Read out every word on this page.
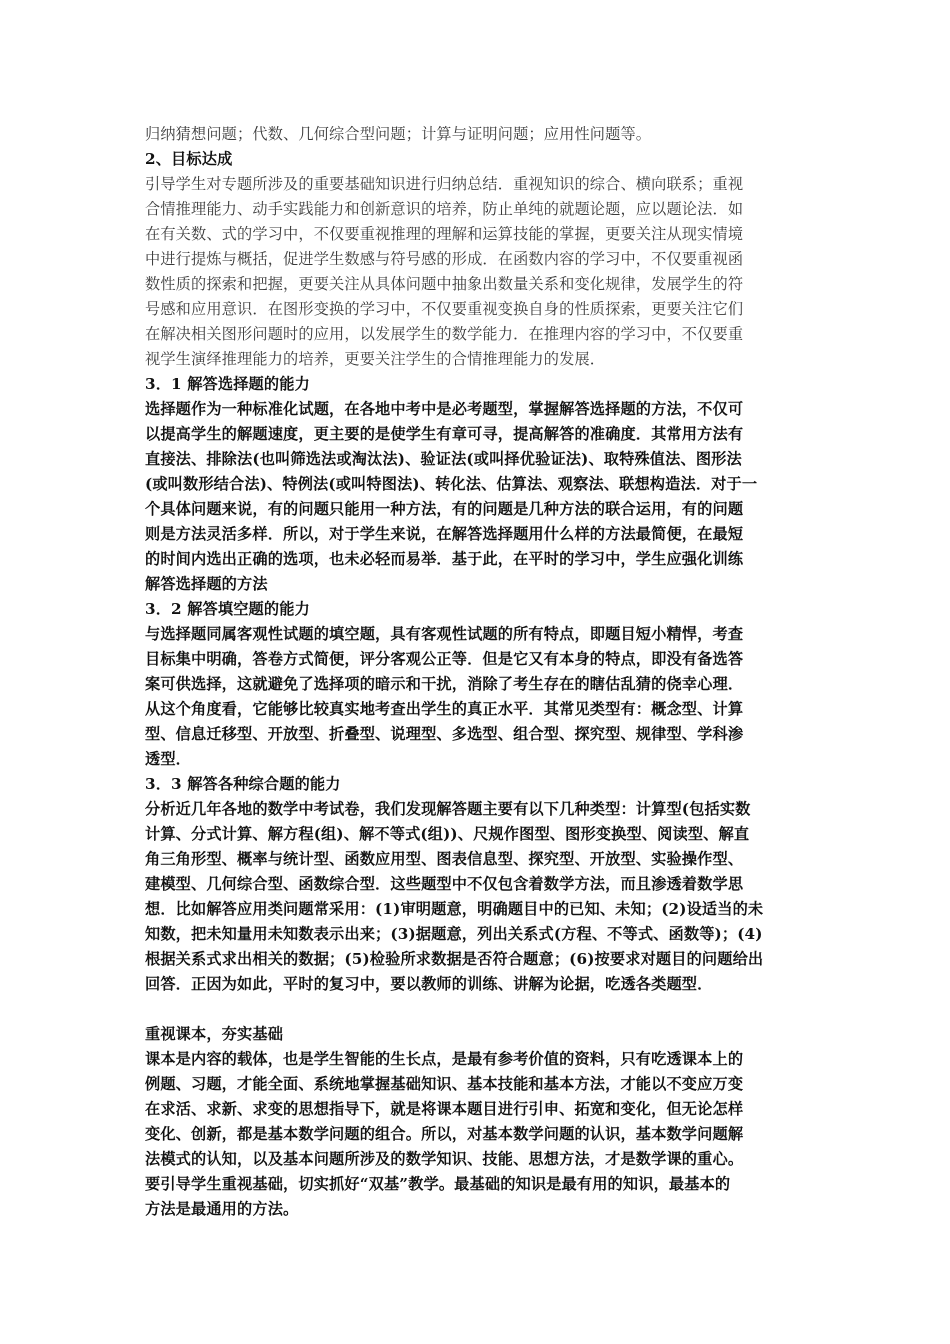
归纳猜想问题；代数、几何综合型问题；计算与证明问题；应用性问题等。
2、目标达成
引导学生对专题所涉及的重要基础知识进行归纳总结．重视知识的综合、横向联系；重视
合情推理能力、动手实践能力和创新意识的培养，防止单纯的就题论题，应以题论法．如
在有关数、式的学习中，不仅要重视推理的理解和运算技能的掌握，更要关注从现实情境
中进行提炼与概括，促进学生数感与符号感的形成．在函数内容的学习中，不仅要重视函
数性质的探索和把握，更要关注从具体问题中抽象出数量关系和变化规律，发展学生的符
号感和应用意识．在图形变换的学习中，不仅要重视变换自身的性质探索，更要关注它们
在解决相关图形问题时的应用，以发展学生的数学能力．在推理内容的学习中，不仅要重
视学生演绎推理能力的培养，更要关注学生的合情推理能力的发展．
3．1 解答选择题的能力
选择题作为一种标准化试题，在各地中考中是必考题型，掌握解答选择题的方法，不仅可
以提高学生的解题速度，更主要的是使学生有章可寻，提高解答的准确度．其常用方法有
直接法、排除法(也叫筛选法或淘汰法)、验证法(或叫择优验证法)、取特殊值法、图形法
(或叫数形结合法)、特例法(或叫特图法)、转化法、估算法、观察法、联想构造法．对于一
个具体问题来说，有的问题只能用一种方法，有的问题是几种方法的联合运用，有的问题
则是方法灵活多样．所以，对于学生来说，在解答选择题用什么样的方法最简便，在最短
的时间内选出正确的选项，也未必轻而易举．基于此，在平时的学习中，学生应强化训练
解答选择题的方法
3．2 解答填空题的能力
与选择题同属客观性试题的填空题，具有客观性试题的所有特点，即题目短小精悍，考查
目标集中明确，答卷方式简便，评分客观公正等．但是它又有本身的特点，即没有备选答
案可供选择，这就避免了选择项的暗示和干扰，消除了考生存在的瞎估乱猜的侥幸心理．
从这个角度看，它能够比较真实地考查出学生的真正水平．其常见类型有：概念型、计算
型、信息迁移型、开放型、折叠型、说理型、多选型、组合型、探究型、规律型、学科渗
透型．
3．3 解答各种综合题的能力
分析近几年各地的数学中考试卷，我们发现解答题主要有以下几种类型：计算型(包括实数
计算、分式计算、解方程(组)、解不等式(组))、尺规作图型、图形变换型、阅读型、解直
角三角形型、概率与统计型、函数应用型、图表信息型、探究型、开放型、实验操作型、
建模型、几何综合型、函数综合型．这些题型中不仅包含着数学方法，而且渗透着数学思
想．比如解答应用类问题常采用：(1)审明题意，明确题目中的已知、未知；(2)设适当的未
知数，把未知量用未知数表示出来；(3)据题意，列出关系式(方程、不等式、函数等)；(4)
根据关系式求出相关的数据；(5)检验所求数据是否符合题意；(6)按要求对题目的问题给出
回答．正因为如此，平时的复习中，要以教师的训练、讲解为论据，吃透各类题型．
重视课本，夯实基础
课本是内容的载体，也是学生智能的生长点，是最有参考价值的资料，只有吃透课本上的
例题、习题，才能全面、系统地掌握基础知识、基本技能和基本方法，才能以不变应万变
在求活、求新、求变的思想指导下，就是将课本题目进行引申、拓宽和变化，但无论怎样
变化、创新，都是基本数学问题的组合。所以，对基本数学问题的认识，基本数学问题解
法模式的认知，以及基本问题所涉及的数学知识、技能、思想方法，才是数学课的重心。
要引导学生重视基础，切实抓好“双基”教学。最基础的知识是最有用的知识，最基本的
方法是最通用的方法。
